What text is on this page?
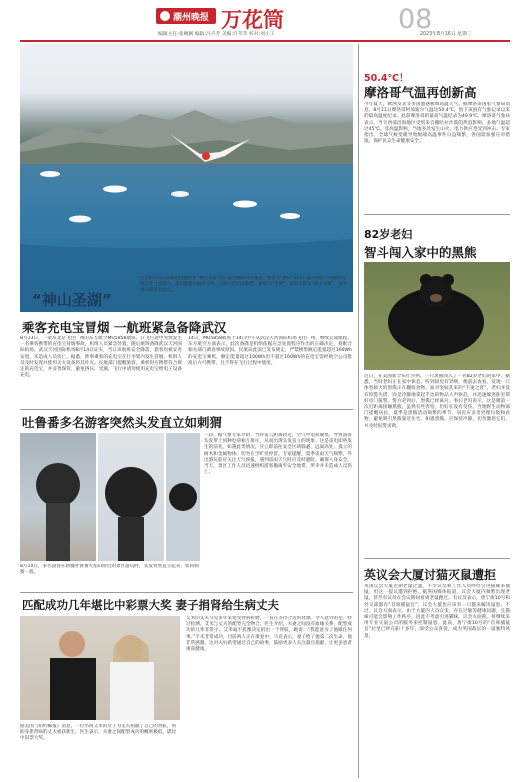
潮州晚报 万花筒	08
编辑主任:张婉娴 编辑:冯卉芳 美编:许萃萃 校对:刘小子	2023年8月16日 星期三
“神山圣湖”
这是8月15日拍摄的西藏阿里“神山圣湖”冈仁波齐峰和玛旁雍措。被誉为“神山”的冈仁波齐峰位于西藏阿里地区普兰县境内，是冈底斯山脉的主峰。山脚下的玛旁雍措，被称为“圣湖”。两者合称为“神山圣湖”，为中国西部著名景点。
乘客充电宝冒烟 一航班紧急备降武汉
8月13日，一架从北京飞往广州的东方航空MU5858航班，在飞行途中突然发生一名乘客携带的充电宝冒烟事故，机组人员紧急处置，随后航班备降武汉天河国际机场。武汉天河国际机场8月14日证实，当日该航班安全降落，旅客均被妥善安置，未造成人员伤亡。据悉，涉事乘客的充电宝在行李架内发生冒烟，机组人员及时发现并使用灭火设备将其扑灭。民航部门提醒旅客，乘机时应携带符合规定的充电宝，并妥善保管，避免挤压、受潮，飞行中请勿使用充电宝给电子设备充电。
14日，MU5858航班于14日中午从武汉天河国际机场飞往广州，继续完成航程。东方航空方面表示，此次备降是机组依据应急处置程序作出的正确决定，将配合相关部门调查事故原因。民航局此前已发布规定，严禁携带额定能量超过160Wh的充电宝乘机，额定能量超过100Wh但不超过160Wh的充电宝需经航空公司批准后方可携带，且不得在飞行过程中使用。
吐鲁番多名游客突然头发直立如刺猬
8月10日，多名游客在新疆吐鲁番火焰山附近的景区游玩时，头发突然直立起来，如同刺猬一般。
一段。据气象专家介绍，当时雷云距离较近，空气中电荷聚集，导致游客头发带上同种电荷相互排斥，从而出现头发直立的现象。这是雷电即将发生的前兆，如遇此类情况，应立即前往安全区域躲避，远离高处、孤立的树木和金属物体，切勿在空旷处停留。专家提醒，夏季雷雨天气频繁，外出游玩前应关注天气预报，遇到雷雨天气时应及时避险，确保人身安全。当天，景区工作人员迅速组织游客撤离至安全地带，所幸并未造成人员伤亡。
匹配成功几年堪比中彩票大奖 妻子捐肾给生病丈夫
据美国《纽约邮报》消息，一位名叫艾米的女子为丈夫捐献了自己的肾脏，帮助身患肾病的丈夫重获新生。医生表示，夫妻之间配型成功的概率极低，堪比中彩票大奖。
艾米的丈夫马克多年来饱受肾病折磨，一直在等待合适的肾源。令人意外的是，经过检测，艾米与丈夫的配型完全吻合。医生介绍，夫妻之间没有血缘关系，配型成功的几率非常小。艾米毫不犹豫决定捐出一个肾脏，她说：“我愿意为了他做任何事。”手术非常成功，目前两人正在康复中。马克表示，妻子给了他第二次生命，他非常感激。这对夫妇希望通过自己的故事，鼓励更多人关注器官捐献，让更多患者重获健康。
50.4℃！
摩洛哥气温再创新高
今年夏天，欧洲及北非多国遭遇极端高温天气。据摩洛哥国家气象局消息，8月11日摩洛哥阿加迪尔气温达50.4℃，创下该国有气象记录以来的最高温度纪录。此前摩洛哥的最高气温纪录为49.9℃。摩洛哥气象局表示，当天西部沿海地区受到来自撒哈拉沙漠的热浪影响，多地气温超过45℃。受高温影响，当地多处发生山火，电力供应也受到冲击。专家指出，全球气候变暖导致极端高温事件日益频繁，各国需加强应对措施，保护民众生命健康安全。
82岁老妇
智斗闯入家中的黑熊
近日，在美国新罕布什尔州，一只黑熊闯入了一名82岁老妇的家中。据悉，当时老妇正在家中休息，听到厨房有异响，便前去查看，发现一只体型硕大的黑熊正在翻找食物。面对突如其来的“不速之客”，老妇并没有惊慌失措，而是冷静地拿起手边的物品大声驱赶，并迅速躲进卧室锁好房门报警。警方赶到后，黑熊已经离开。事后老妇表示，这是她第一次近距离接触黑熊，虽然有些害怕，但好在没有受伤。当地野生动物部门提醒居民，夏季是黑熊活动频繁的季节，居民应妥善处理垃圾和食物，避免吸引黑熊靠近住宅。如遇黑熊，应保持冷静，切勿激怒它们，并及时报警求助。
英议会大厦讨猫灭鼠遭拒
英国议会大厦近期老鼠泛滥，不少议员和工作人员呼吁引进猫咪来捕鼠，但这一提议遭到拒绝。据英国媒体报道，议会大厦内频繁出现老鼠，甚至有议员在会议期间看到老鼠跑过。有议员表示，唐宁街10号和外交部都有“首席捕鼠官”，议会大厦也应该有一只猫来解决鼠患。不过，议会方面表示，由于大厦内人员众多，存在过敏等健康问题，且猫咪可能会影响工作秩序，因此不考虑引进猫咪。议会方面称，将继续采用专业灭鼠公司的服务来控制鼠患。此前，唐宁街10号的“首席捕鼠官”拉里已经在职十多年，深受公众喜爱，成为英国政坛的一道独特风景。
